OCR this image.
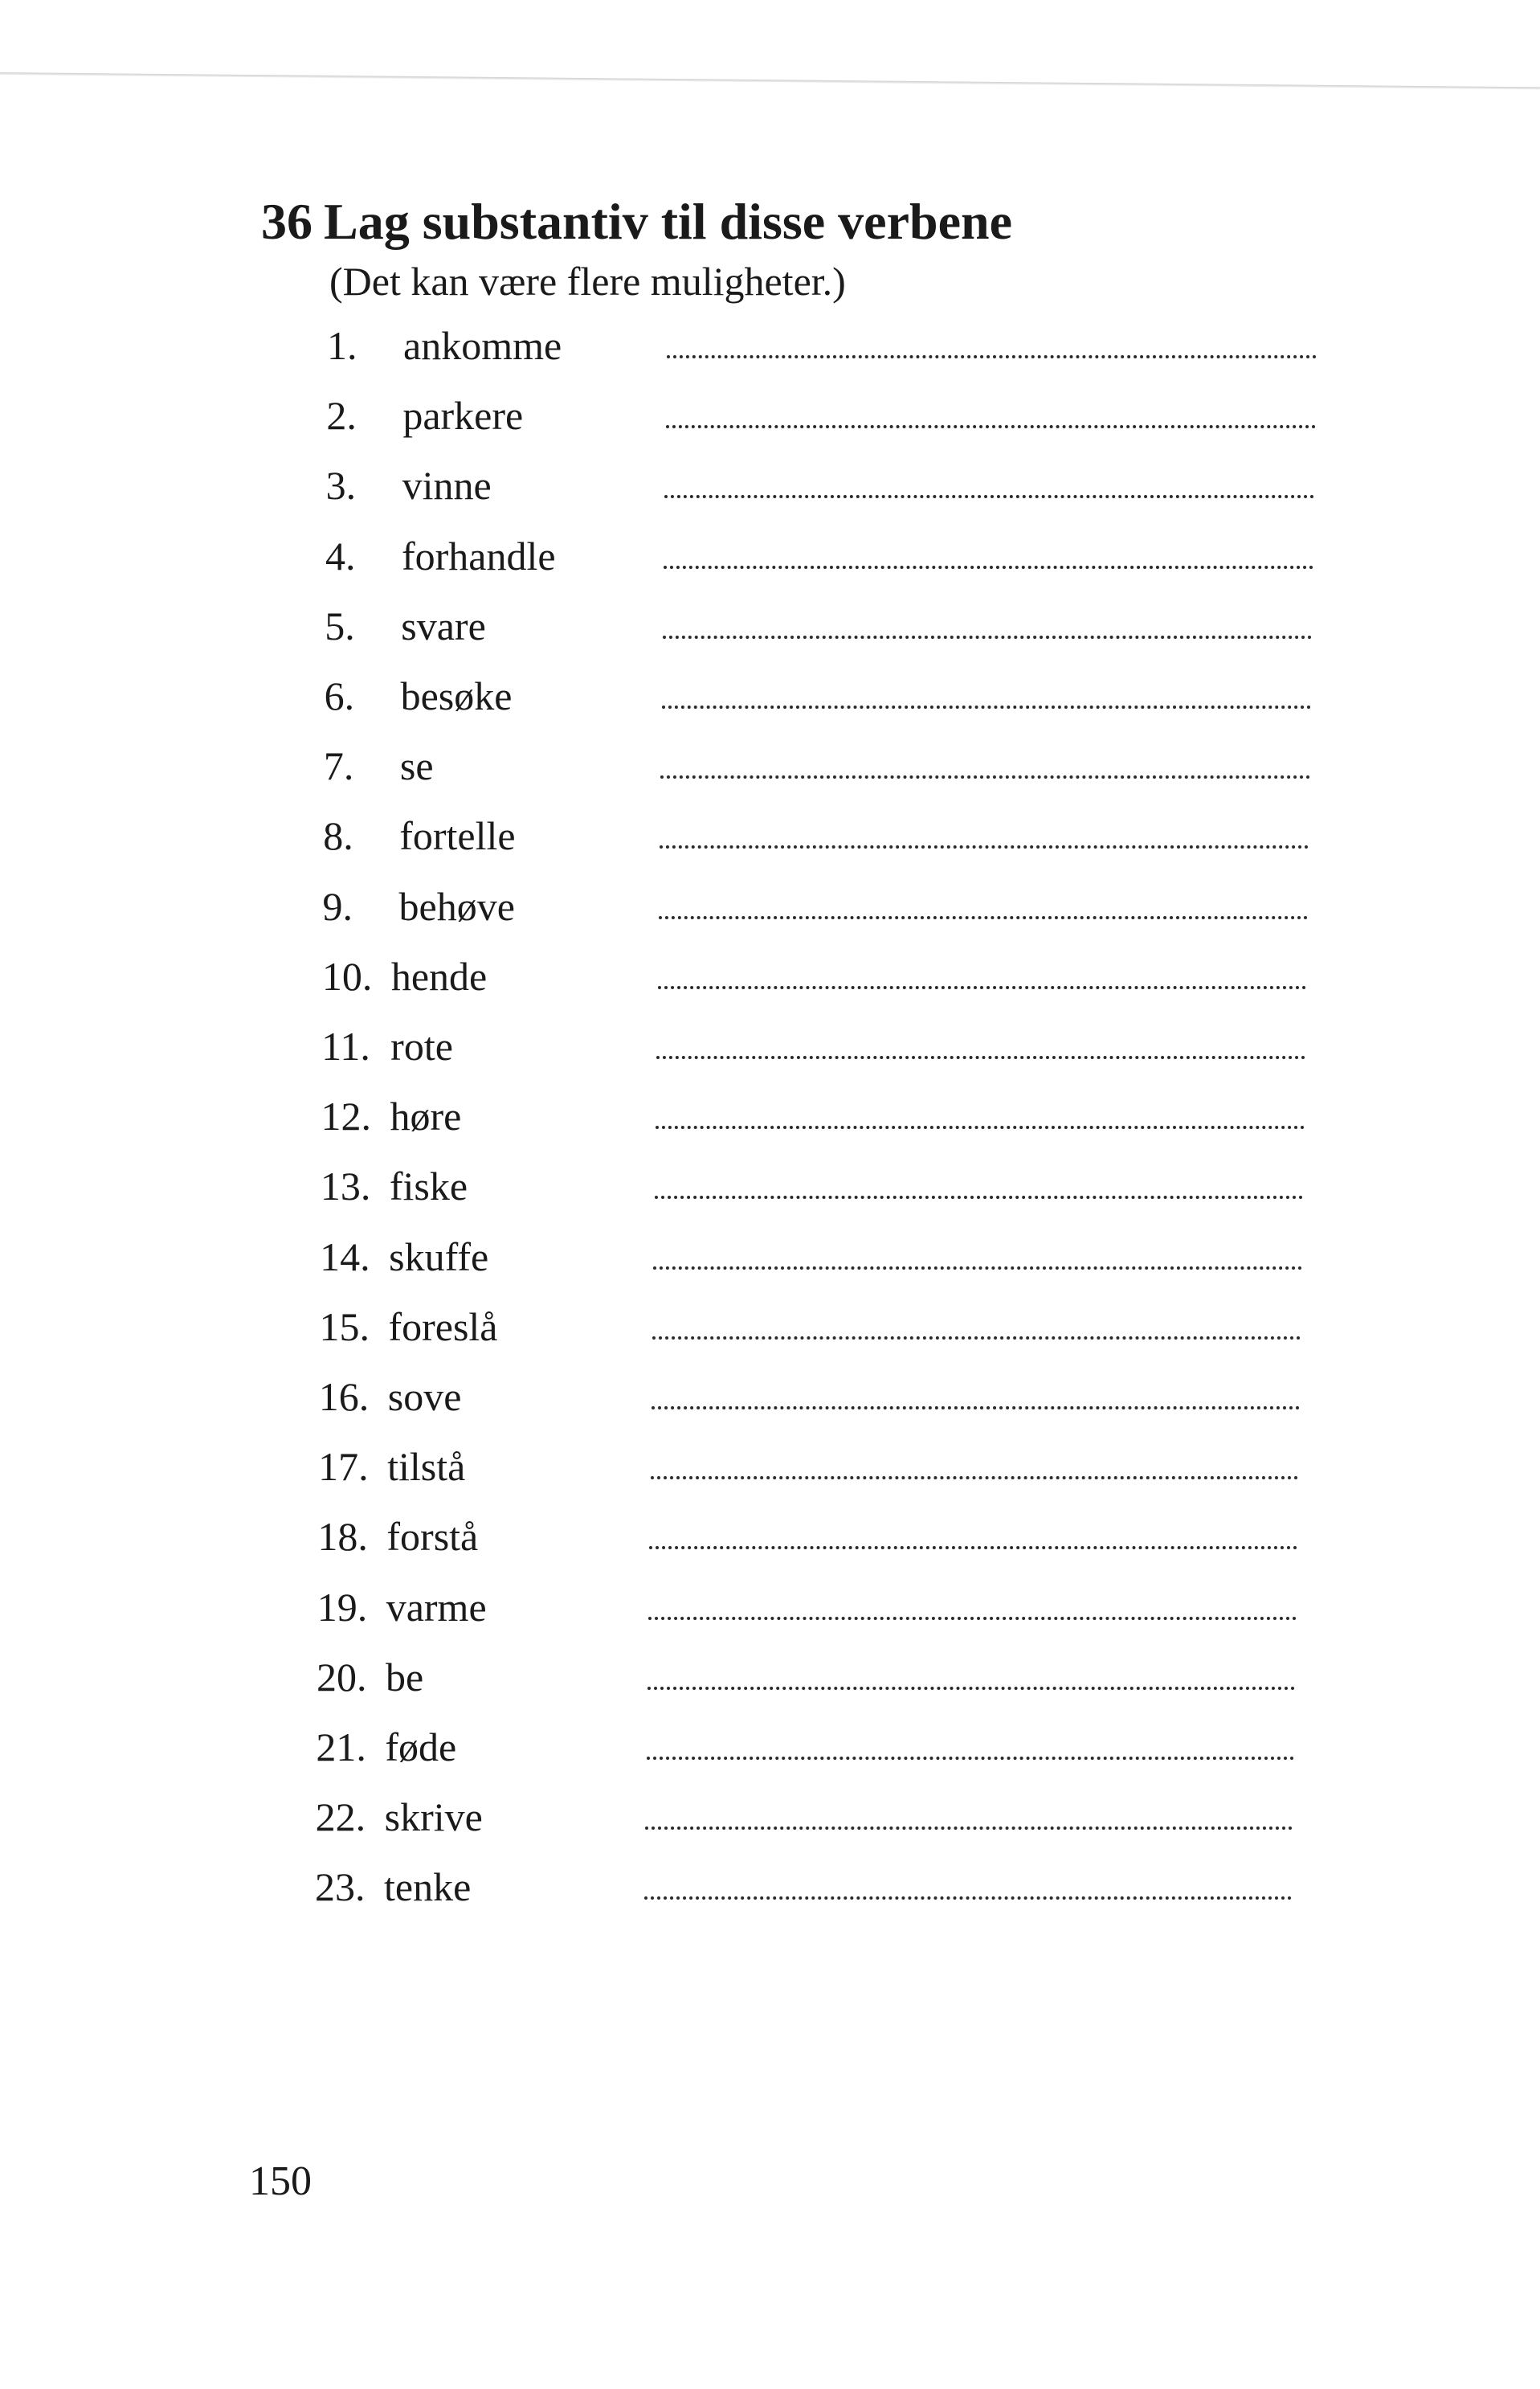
36 Lag substantiv til disse verbene
(Det kan være flere muligheter.)
1. ankomme
2. parkere
3. vinne
4. forhandle
5. svare
6. besøke
7. se
8. fortelle
9. behøve
10. hende
11. rote
12. høre
13. fiske
14. skuffe
15. foreslå
16. sove
17. tilstå
18. forstå
19. varme
20. be
21. føde
22. skrive
23. tenke
150
